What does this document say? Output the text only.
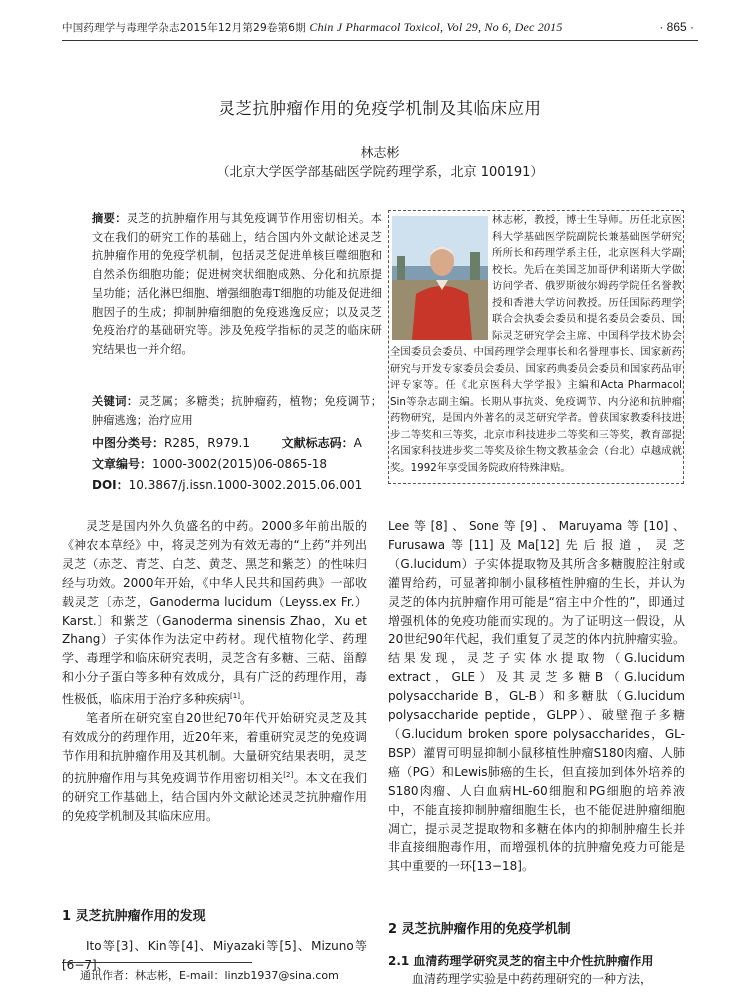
中国药理学与毒理学杂志2015年12月第29卷第6期 Chin J Pharmacol Toxicol, Vol 29, No 6, Dec 2015	· 865 ·
灵芝抗肿瘤作用的免疫学机制及其临床应用
林志彬
（北京大学医学部基础医学院药理学系，北京 100191）
摘要：灵芝的抗肿瘤作用与其免疫调节作用密切相关。本文在我们的研究工作的基础上，结合国内外文献论述灵芝抗肿瘤作用的免疫学机制，包括灵芝促进单核巨噬细胞和自然杀伤细胞功能；促进树突状细胞成熟、分化和抗原提呈功能；活化淋巴细胞、增强细胞毒T细胞的功能及促进细胞因子的生成；抑制肿瘤细胞的免疫逃逸反应；以及灵芝免疫治疗的基础研究等。涉及免疫学指标的灵芝的临床研究结果也一并介绍。
关键词：灵芝属；多糖类；抗肿瘤药，植物；免疫调节；肿瘤逃逸；治疗应用
中图分类号：R285，R979.1	文献标志码：A
文章编号：1000-3002(2015)06-0865-18
DOI：10.3867/j.issn.1000-3002.2015.06.001
林志彬，教授，博士生导师。历任北京医科大学基础医学院副院长兼基础医学研究所所长和药理学系主任，北京医科大学副校长。先后在美国芝加哥伊利诺斯大学做访问学者、俄罗斯彼尔姆药学院任名誉教授和香港大学访问教授。历任国际药理学联合会执委会委员和提名委员会委员、国际灵芝研究学会主席、中国科学技术协会全国委员会委员、中国药理学会理事长和名誉理事长、国家新药研究与开发专家委员会委员、国家药典委员会委员和国家药品审评专家等。任《北京医科大学学报》主编和Acta Pharmacol Sin等杂志副主编。长期从事抗炎、免疫调节、内分泌和抗肿瘤药物研究，是国内外著名的灵芝研究学者。曾获国家教委科技进步二等奖和三等奖，北京市科技进步二等奖和三等奖，教育部提名国家科技进步奖二等奖及徐生物文教基金会（台北）卓越成就奖。1992年享受国务院政府特殊津贴。

灵芝是国内外久负盛名的中药。2000多年前出版的《神农本草经》中，将灵芝列为有效无毒的“上药”并列出灵芝（赤芝、青芝、白芝、黄芝、黑芝和紫芝）的性味归经与功效。2000年开始，《中华人民共和国药典》一部收载灵芝〔赤芝，Ganoderma lucidum（Leyss.ex Fr.）Karst.〕和紫芝（Ganoderma sinensis Zhao，Xu et Zhang）子实体作为法定中药材。现代植物化学、药理学、毒理学和临床研究表明，灵芝含有多糖、三萜、甾醇和小分子蛋白等多种有效成分，具有广泛的药理作用，毒性极低，临床用于治疗多种疾病[1]。

笔者所在研究室自20世纪70年代开始研究灵芝及其有效成分的药理作用，近20年来，着重研究灵芝的免疫调节作用和抗肿瘤作用及其机制。大量研究结果表明，灵芝的抗肿瘤作用与其免疫调节作用密切相关[2]。本文在我们的研究工作基础上，结合国内外文献论述灵芝抗肿瘤作用的免疫学机制及其临床应用。

1 灵芝抗肿瘤作用的发现

Ito等[3]、Kin等[4]、Miyazaki等[5]、Mizuno等[6−7]、

Lee等[8]、Sone等[9]、Maruyama等[10]、Furusawa等[11]及Ma[12]先后报道，灵芝（G.lucidum）子实体提取物及其所含多糖腹腔注射或灌胃给药，可显著抑制小鼠移植性肿瘤的生长，并认为灵芝的体内抗肿瘤作用可能是“宿主中介性的”，即通过增强机体的免疫功能而实现的。为了证明这一假设，从20世纪90年代起，我们重复了灵芝的体内抗肿瘤实验。结果发现，灵芝子实体水提取物（G.lucidum extract，GLE）及其灵芝多糖B（G.lucidum polysaccharide B，GL-B）和多糖肽（G.lucidum polysaccharide peptide，GLPP）、破壁孢子多糖（G.lucidum broken spore polysaccharides，GL-BSP）灌胃可明显抑制小鼠移植性肿瘤S180肉瘤、人肺癌（PG）和Lewis肺癌的生长，但直接加到体外培养的S180肉瘤、人白血病HL-60细胞和PG细胞的培养液中，不能直接抑制肿瘤细胞生长，也不能促进肿瘤细胞凋亡，提示灵芝提取物和多糖在体内的抑制肿瘤生长并非直接细胞毒作用，而增强机体的抗肿瘤免疫力可能是其中重要的一环[13−18]。

2 灵芝抗肿瘤作用的免疫学机制
2.1 血清药理学研究灵芝的宿主中介性抗肿瘤作用

血清药理学实验是中药药理研究的一种方法，

通讯作者：林志彬，E-mail：linzb1937@sina.com
